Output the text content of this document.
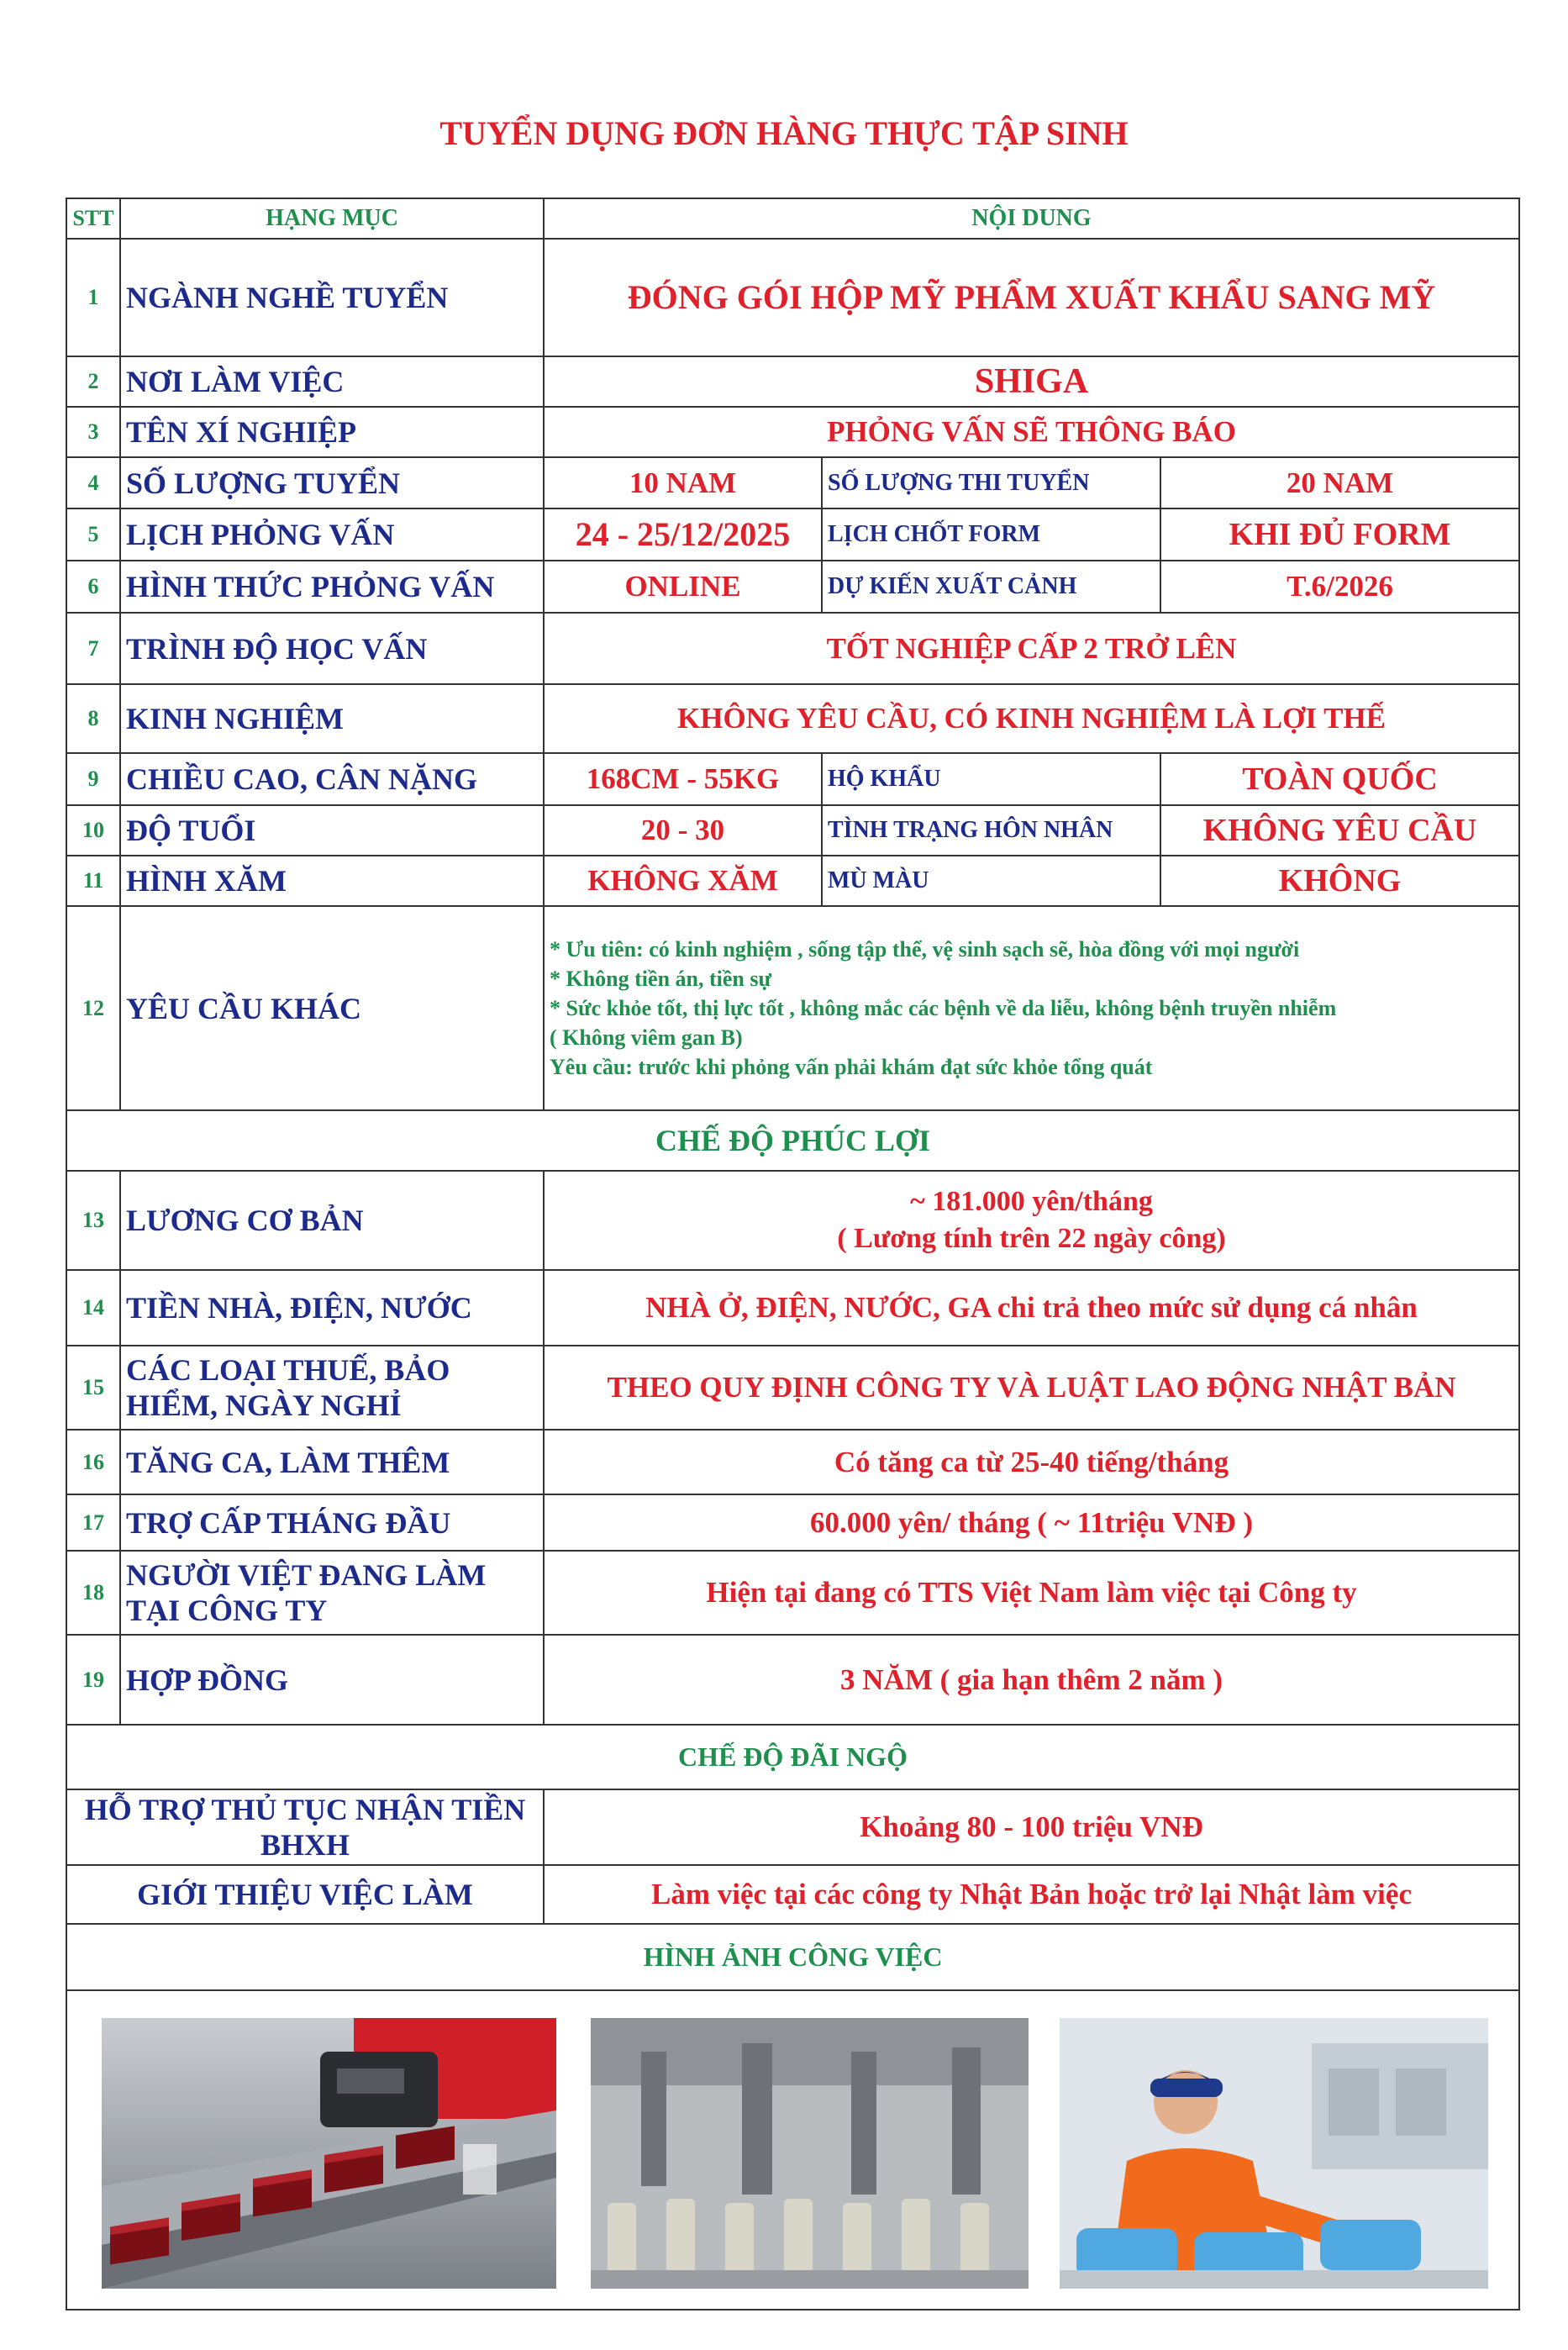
TUYỂN DỤNG ĐƠN HÀNG THỰC TẬP SINH
STT	HẠNG MỤC	NỘI DUNG		
1	NGÀNH NGHỀ TUYỂN	ĐÓNG GÓI HỘP MỸ PHẨM XUẤT KHẨU SANG MỸ		
2	NƠI LÀM VIỆC	SHIGA		
3	TÊN XÍ NGHIỆP	PHỎNG VẤN SẼ THÔNG BÁO		
4	SỐ LƯỢNG TUYỂN	10 NAM	SỐ LƯỢNG THI TUYỂN	20 NAM
5	LỊCH PHỎNG VẤN	24 - 25/12/2025	LỊCH CHỐT FORM	KHI ĐỦ FORM
6	HÌNH THỨC PHỎNG VẤN	ONLINE	DỰ KIẾN XUẤT CẢNH	T.6/2026
7	TRÌNH ĐỘ HỌC VẤN	TỐT NGHIỆP CẤP 2 TRỞ LÊN		
8	KINH NGHIỆM	KHÔNG YÊU CẦU, CÓ KINH NGHIỆM LÀ LỢI THẾ		
9	CHIỀU CAO, CÂN NẶNG	168CM - 55KG	HỘ KHẨU	TOÀN QUỐC
10	ĐỘ TUỔI	20 - 30	TÌNH TRẠNG HÔN NHÂN	KHÔNG YÊU CẦU
11	HÌNH XĂM	KHÔNG XĂM	MÙ MÀU	KHÔNG
12	YÊU CẦU KHÁC	* Ưu tiên: có kinh nghiệm , sống tập thể, vệ sinh sạch sẽ, hòa đồng với mọi người
* Không tiền án, tiền sự
* Sức khỏe tốt, thị lực tốt , không mắc các bệnh về da liễu, không bệnh truyền nhiễm
( Không viêm gan B)
Yêu cầu: trước khi phỏng vấn phải khám đạt sức khỏe tổng quát		

CHẾ ĐỘ PHÚC LỢI				
13	LƯƠNG CƠ BẢN	~ 181.000 yên/tháng
( Lương tính trên 22 ngày công)		

14	TIỀN NHÀ, ĐIỆN, NƯỚC	NHÀ Ở, ĐIỆN, NƯỚC, GA chi trả theo mức sử dụng cá nhân		
15	CÁC LOẠI THUẾ, BẢO
HIỂM, NGÀY NGHỈ	THEO QUY ĐỊNH CÔNG TY VÀ LUẬT LAO ĐỘNG NHẬT BẢN		
16	TĂNG CA, LÀM THÊM	Có tăng ca từ 25-40 tiếng/tháng		
17	TRỢ CẤP THÁNG ĐẦU	60.000 yên/ tháng ( ~ 11triệu VNĐ )		
18	NGƯỜI VIỆT ĐANG LÀM
TẠI CÔNG TY	Hiện tại đang có TTS Việt Nam làm việc tại Công ty		
19	HỢP ĐỒNG	3 NĂM ( gia hạn thêm 2 năm )		
CHẾ ĐỘ ĐÃI NGỘ				

HỖ TRỢ THỦ TỤC NHẬN TIỀN
BHXH		Khoảng 80 - 100 triệu VNĐ		
GIỚI THIỆU VIỆC LÀM		Làm việc tại các công ty Nhật Bản hoặc trở lại Nhật làm việc		
HÌNH ẢNH CÔNG VIỆC				
